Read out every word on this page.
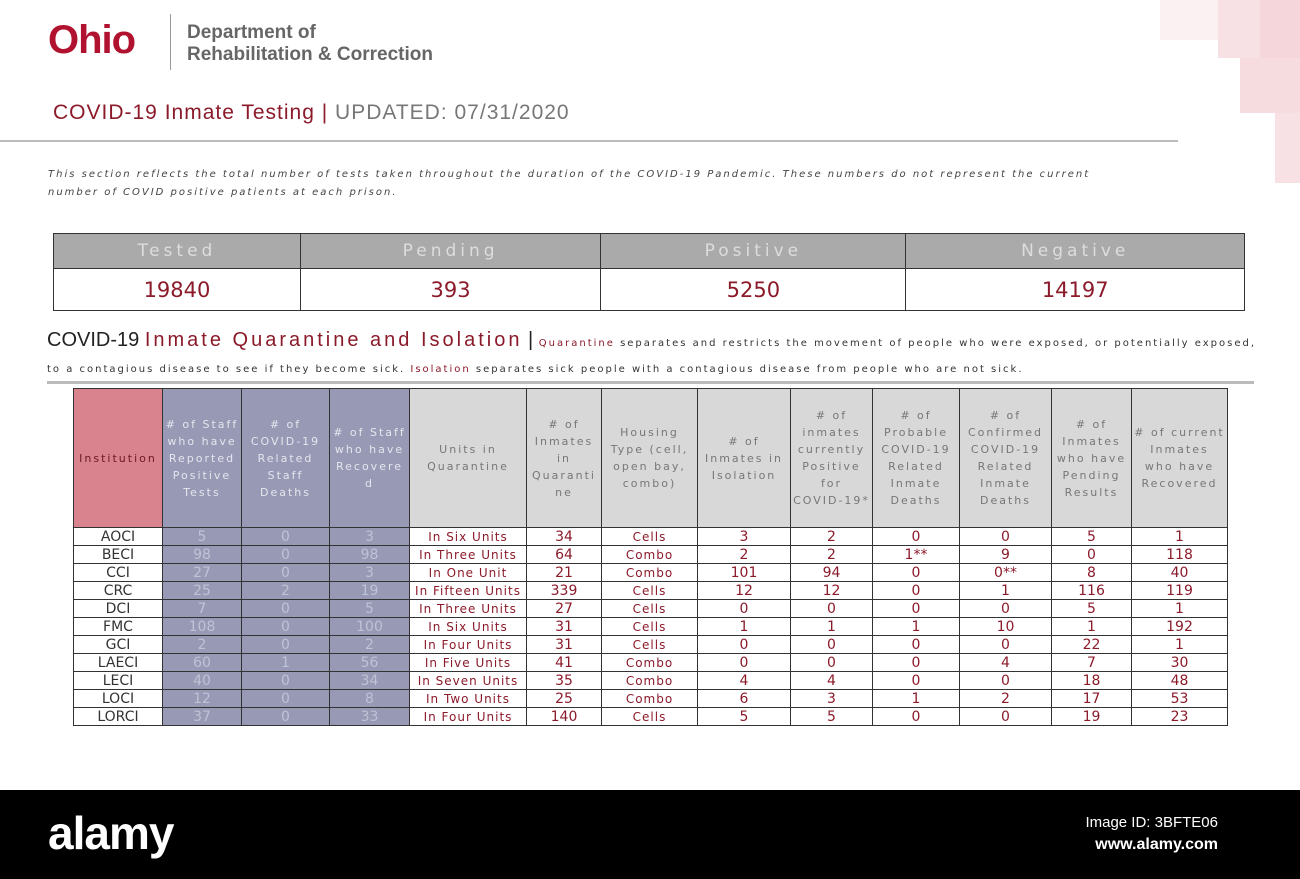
Ohio	Department of
Rehabilitation & Correction
COVID-19 Inmate Testing | UPDATED: 07/31/2020
This section reflects the total number of tests taken throughout the duration of the COVID-19 Pandemic. These numbers do not represent the current number of COVID positive patients at each prison.
Tested	Pending	Positive	Negative
19840	393	5250	14197
COVID-19 Inmate Quarantine and Isolation | Quarantine separates and restricts the movement of people who were exposed, or potentially exposed, to a contagious disease to see if they become sick. Isolation separates sick people with a contagious disease from people who are not sick.
Institution	# of Staff who have Reported Positive Tests	# of COVID-19 Related Staff Deaths	# of Staff who have Recovered	Units in Quarantine	# of Inmates in Quarantine	Housing Type (cell, open bay, combo)	# of Inmates in Isolation	# of inmates currently Positive for COVID-19*	# of Probable COVID-19 Related Inmate Deaths	# of Confirmed COVID-19 Related Inmate Deaths	# of Inmates who have Pending Results	# of current Inmates who have Recovered
AOCI	5	0	3	In Six Units	34	Cells	3	2	0	0	5	1
BECI	98	0	98	In Three Units	64	Combo	2	2	1**	9	0	118
CCI	27	0	3	In One Unit	21	Combo	101	94	0	0**	8	40
CRC	25	2	19	In Fifteen Units	339	Cells	12	12	0	1	116	119
DCI	7	0	5	In Three Units	27	Cells	0	0	0	0	5	1
FMC	108	0	100	In Six Units	31	Cells	1	1	1	10	1	192
GCI	2	0	2	In Four Units	31	Cells	0	0	0	0	22	1
LAECI	60	1	56	In Five Units	41	Combo	0	0	0	4	7	30
LECI	40	0	34	In Seven Units	35	Combo	4	4	0	0	18	48
LOCI	12	0	8	In Two Units	25	Combo	6	3	1	2	17	53
LORCI	37	0	33	In Four Units	140	Cells	5	5	0	0	19	23
alamy	Image ID: 3BFTE06
www.alamy.com
